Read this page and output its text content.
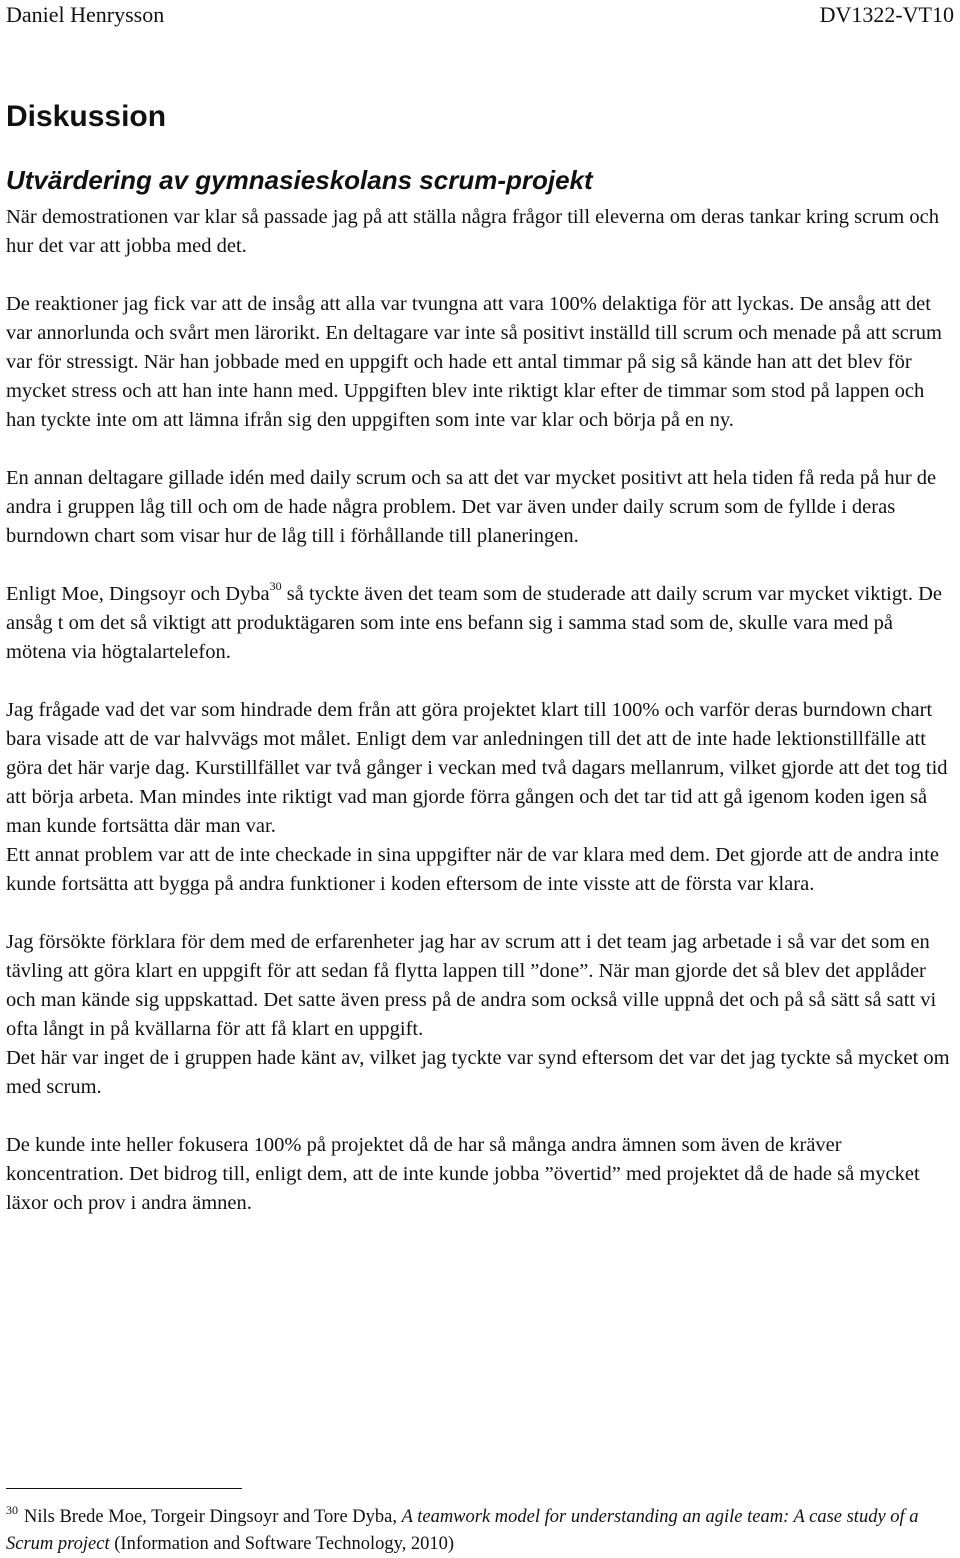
Daniel Henrysson	DV1322-VT10
Diskussion
Utvärdering av gymnasieskolans scrum-projekt

När demostrationen var klar så passade jag på att ställa några frågor till eleverna om deras tankar kring scrum och hur det var att jobba med det.

De reaktioner jag fick var att de insåg att alla var tvungna att vara 100% delaktiga för att lyckas. De ansåg att det var annorlunda och svårt men lärorikt. En deltagare var inte så positivt inställd till scrum och menade på att scrum var för stressigt. När han jobbade med en uppgift och hade ett antal timmar på sig så kände han att det blev för mycket stress och att han inte hann med. Uppgiften blev inte riktigt klar efter de timmar som stod på lappen och han tyckte inte om att lämna ifrån sig den uppgiften som inte var klar och börja på en ny.

En annan deltagare gillade idén med daily scrum och sa att det var mycket positivt att hela tiden få reda på hur de andra i gruppen låg till och om de hade några problem. Det var även under daily scrum som de fyllde i deras burndown chart som visar hur de låg till i förhållande till planeringen.

Enligt Moe, Dingsoyr och Dyba$^{30}$ så tyckte även det team som de studerade att daily scrum var mycket viktigt. De ansåg t om det så viktigt att produktägaren som inte ens befann sig i samma stad som de, skulle vara med på mötena via högtalartelefon.

Jag frågade vad det var som hindrade dem från att göra projektet klart till 100% och varför deras burndown chart bara visade att de var halvvägs mot målet. Enligt dem var anledningen till det att de inte hade lektionstillfälle att göra det här varje dag. Kurstillfället var två gånger i veckan med två dagars mellanrum, vilket gjorde att det tog tid att börja arbeta. Man mindes inte riktigt vad man gjorde förra gången och det tar tid att gå igenom koden igen så man kunde fortsätta där man var.

Ett annat problem var att de inte checkade in sina uppgifter när de var klara med dem. Det gjorde att de andra inte kunde fortsätta att bygga på andra funktioner i koden eftersom de inte visste att de första var klara.

Jag försökte förklara för dem med de erfarenheter jag har av scrum att i det team jag arbetade i så var det som en tävling att göra klart en uppgift för att sedan få flytta lappen till ”done”. När man gjorde det så blev det applåder och man kände sig uppskattad. Det satte även press på de andra som också ville uppnå det och på så sätt så satt vi ofta långt in på kvällarna för att få klart en uppgift.

Det här var inget de i gruppen hade känt av, vilket jag tyckte var synd eftersom det var det jag tyckte så mycket om med scrum.

De kunde inte heller fokusera 100% på projektet då de har så många andra ämnen som även de kräver koncentration. Det bidrog till, enligt dem, att de inte kunde jobba ”övertid” med projektet då de hade så mycket läxor och prov i andra ämnen.

$^{30}$ Nils Brede Moe, Torgeir Dingsoyr and Tore Dyba, A teamwork model for understanding an agile team: A case study of a Scrum project (Information and Software Technology, 2010)
